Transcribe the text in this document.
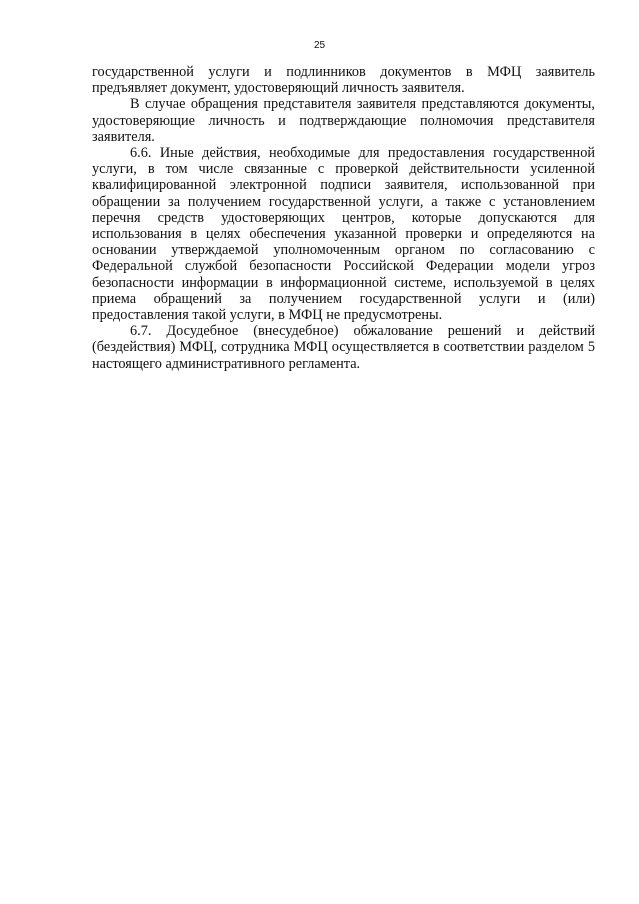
25

государственной услуги и подлинников документов в МФЦ заявитель предъявляет документ, удостоверяющий личность заявителя.

В случае обращения представителя заявителя представляются документы, удостоверяющие личность и подтверждающие полномочия представителя заявителя.

6.6. Иные действия, необходимые для предоставления государственной услуги, в том числе связанные с проверкой действительности усиленной квалифицированной электронной подписи заявителя, использованной при обращении за получением государственной услуги, а также с установлением перечня средств удостоверяющих центров, которые допускаются для использования в целях обеспечения указанной проверки и определяются на основании утверждаемой уполномоченным органом по согласованию с Федеральной службой безопасности Российской Федерации модели угроз безопасности информации в информационной системе, используемой в целях приема обращений за получением государственной услуги и (или) предоставления такой услуги, в МФЦ не предусмотрены.

6.7. Досудебное (внесудебное) обжалование решений и действий (бездействия) МФЦ, сотрудника МФЦ осуществляется в соответствии разделом 5 настоящего административного регламента.
